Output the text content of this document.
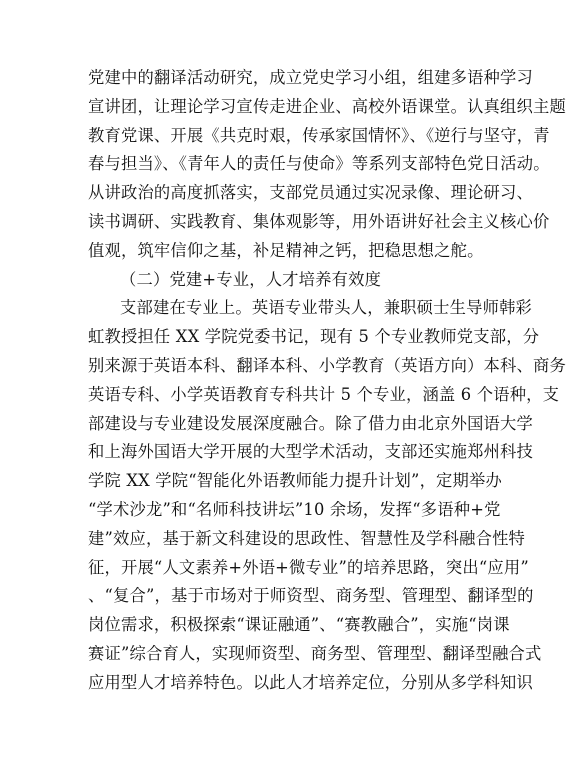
党建中的翻译活动研究，成立党史学习小组，组建多语种学习
宣讲团，让理论学习宣传走进企业、高校外语课堂。认真组织主题
教育党课、开展《共克时艰，传承家国情怀》、《逆行与坚守，青
春与担当》、《青年人的责任与使命》等系列支部特色党日活动。
从讲政治的高度抓落实，支部党员通过实况录像、理论研习、
读书调研、实践教育、集体观影等，用外语讲好社会主义核心价
值观，筑牢信仰之基，补足精神之钙，把稳思想之舵。
（二）党建+专业，人才培养有效度
支部建在专业上。英语专业带头人，兼职硕士生导师韩彩
虹教授担任 XX 学院党委书记，现有 5 个专业教师党支部，分
别来源于英语本科、翻译本科、小学教育（英语方向）本科、商务
英语专科、小学英语教育专科共计 5 个专业，涵盖 6 个语种，支
部建设与专业建设发展深度融合。除了借力由北京外国语大学
和上海外国语大学开展的大型学术活动，支部还实施郑州科技
学院 XX 学院“智能化外语教师能力提升计划”，定期举办
“学术沙龙”和“名师科技讲坛”10 余场，发挥“多语种+党
建”效应，基于新文科建设的思政性、智慧性及学科融合性特
征，开展“人文素养+外语+微专业”的培养思路，突出“应用”
、“复合”，基于市场对于师资型、商务型、管理型、翻译型的
岗位需求，积极探索“课证融通”、“赛教融合”，实施“岗课
赛证”综合育人，实现师资型、商务型、管理型、翻译型融合式
应用型人才培养特色。以此人才培养定位，分别从多学科知识
